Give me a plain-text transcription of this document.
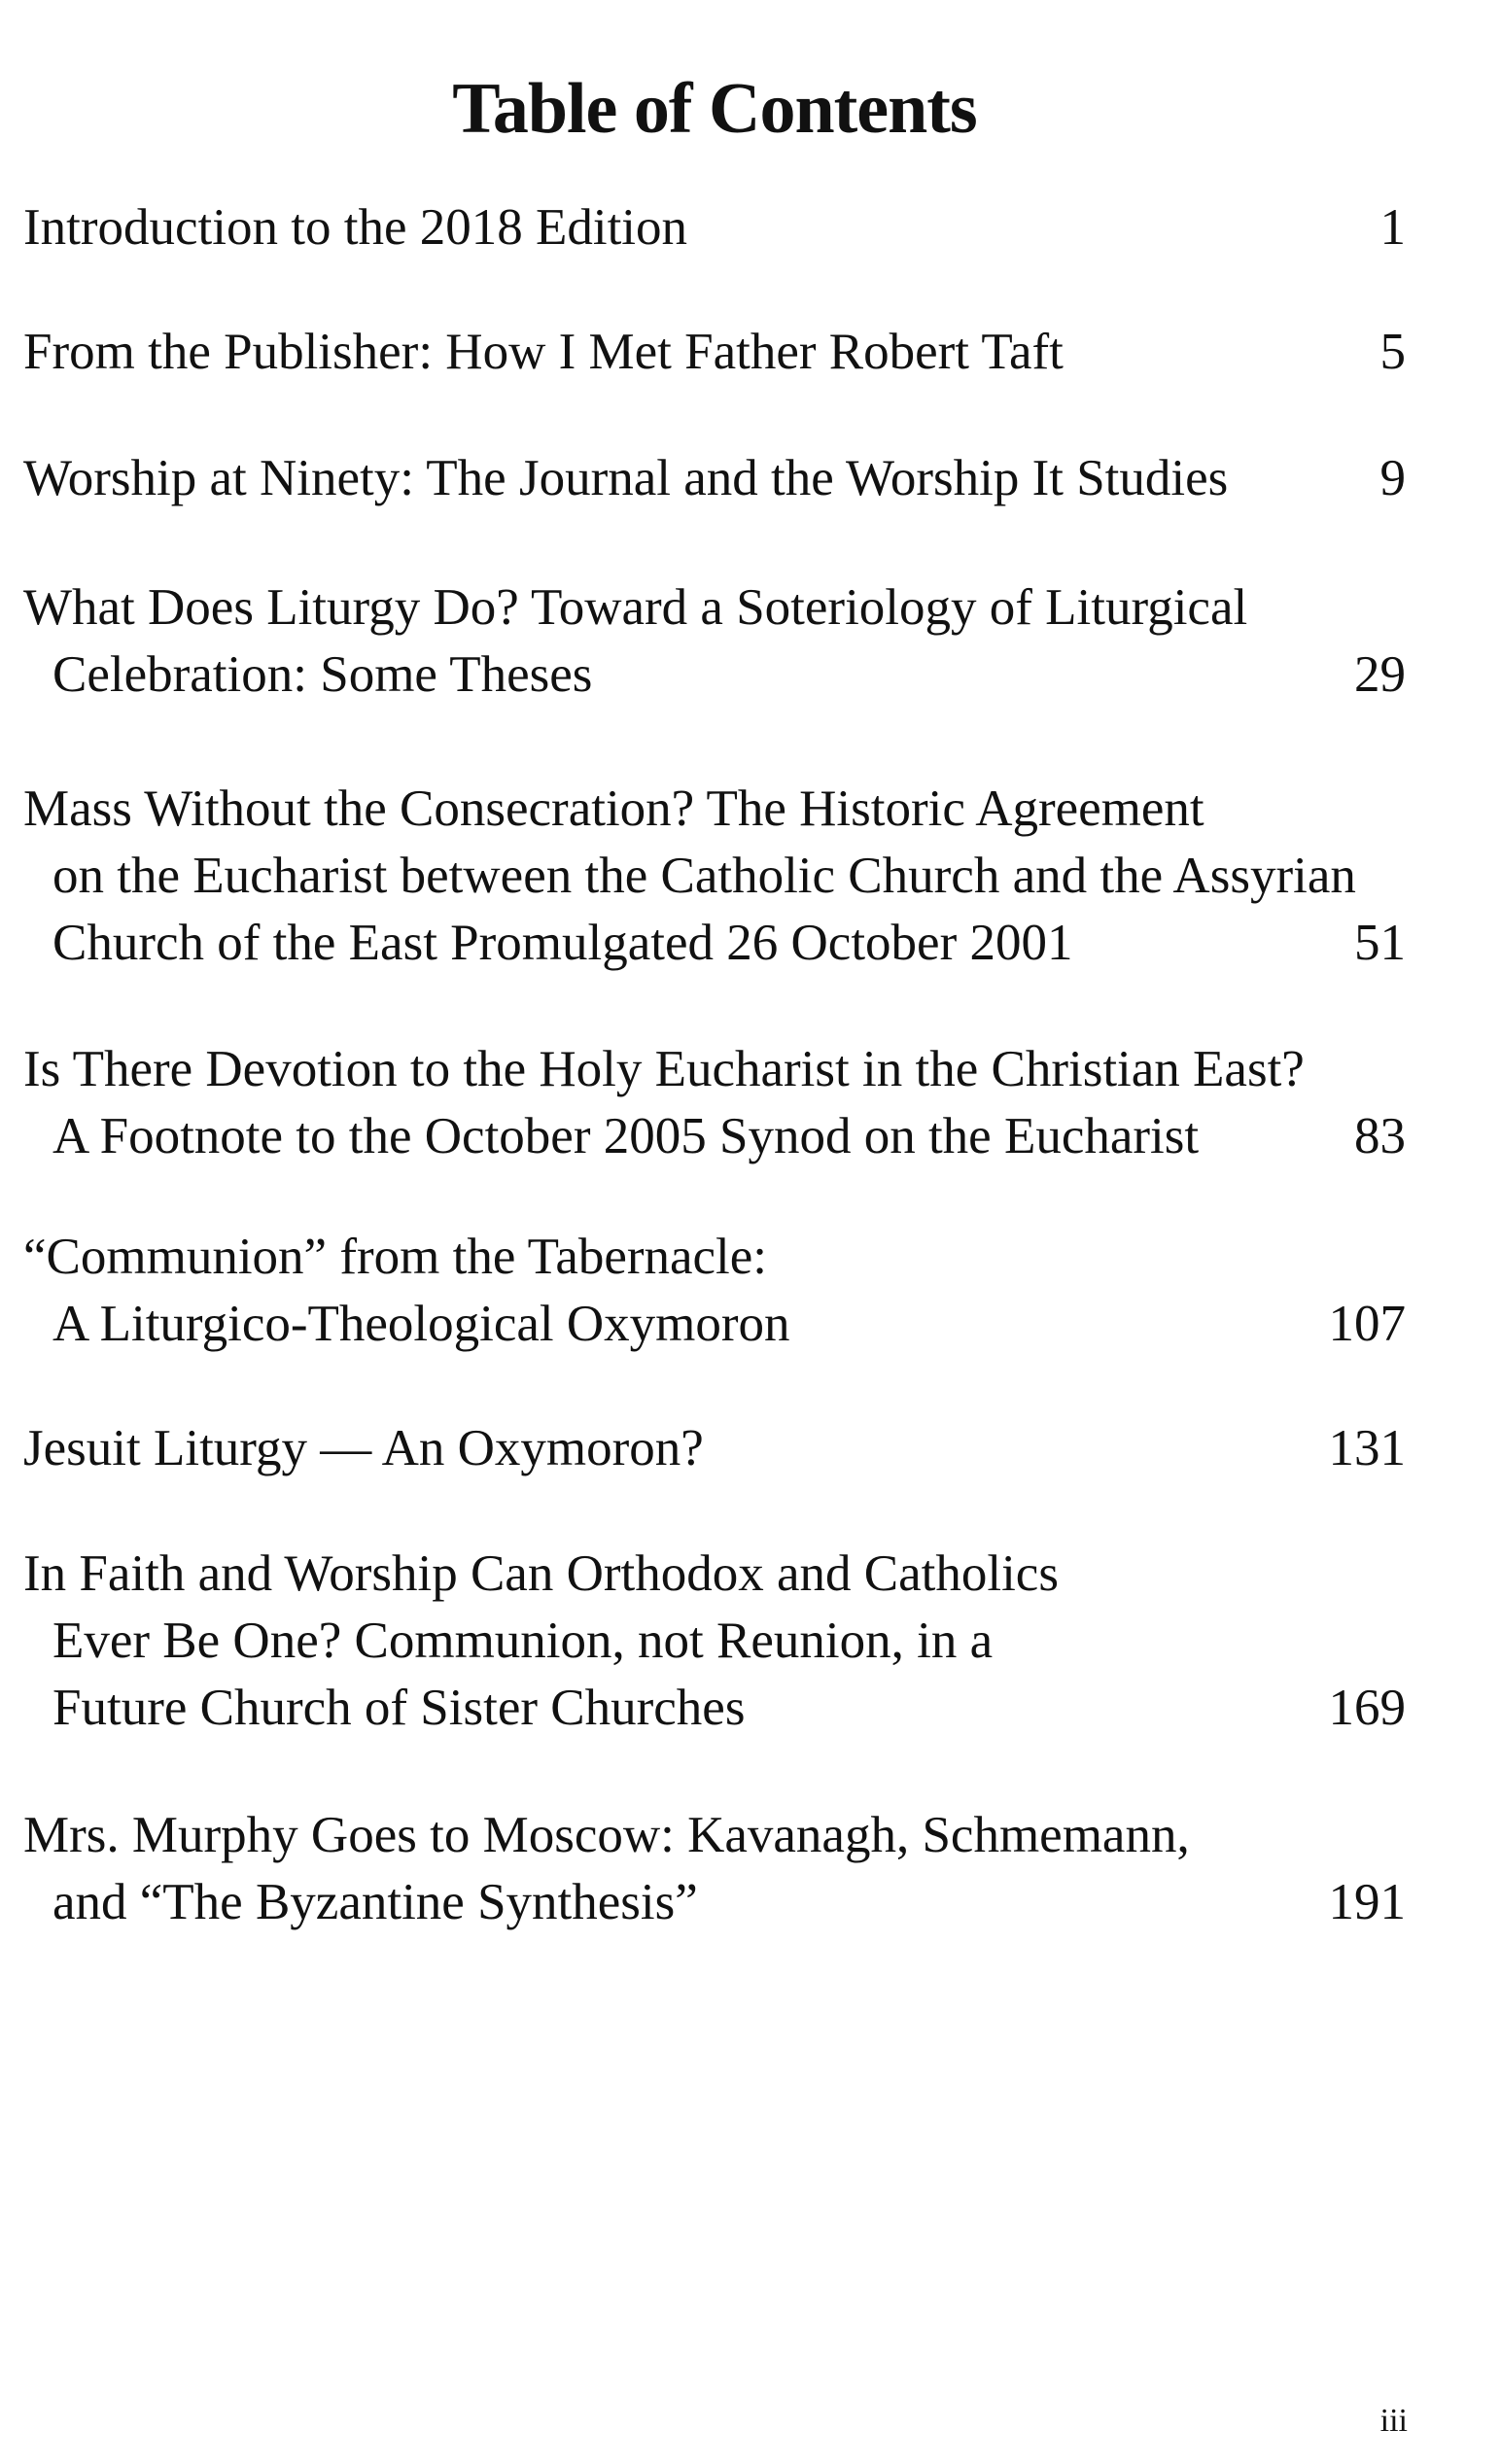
Table of Contents
Introduction to the 2018 Edition	1
From the Publisher: How I Met Father Robert Taft	5
Worship at Ninety: The Journal and the Worship It Studies	9
What Does Liturgy Do? Toward a Soteriology of Liturgical
Celebration: Some Theses	29
Mass Without the Consecration? The Historic Agreement
on the Eucharist between the Catholic Church and the Assyrian
Church of the East Promulgated 26 October 2001	51
Is There Devotion to the Holy Eucharist in the Christian East?
A Footnote to the October 2005 Synod on the Eucharist	83
“Communion” from the Tabernacle:
A Liturgico-Theological Oxymoron	107
Jesuit Liturgy — An Oxymoron?	131
In Faith and Worship Can Orthodox and Catholics
Ever Be One? Communion, not Reunion, in a
Future Church of Sister Churches	169
Mrs. Murphy Goes to Moscow: Kavanagh, Schmemann,
and “The Byzantine Synthesis”	191
iii
